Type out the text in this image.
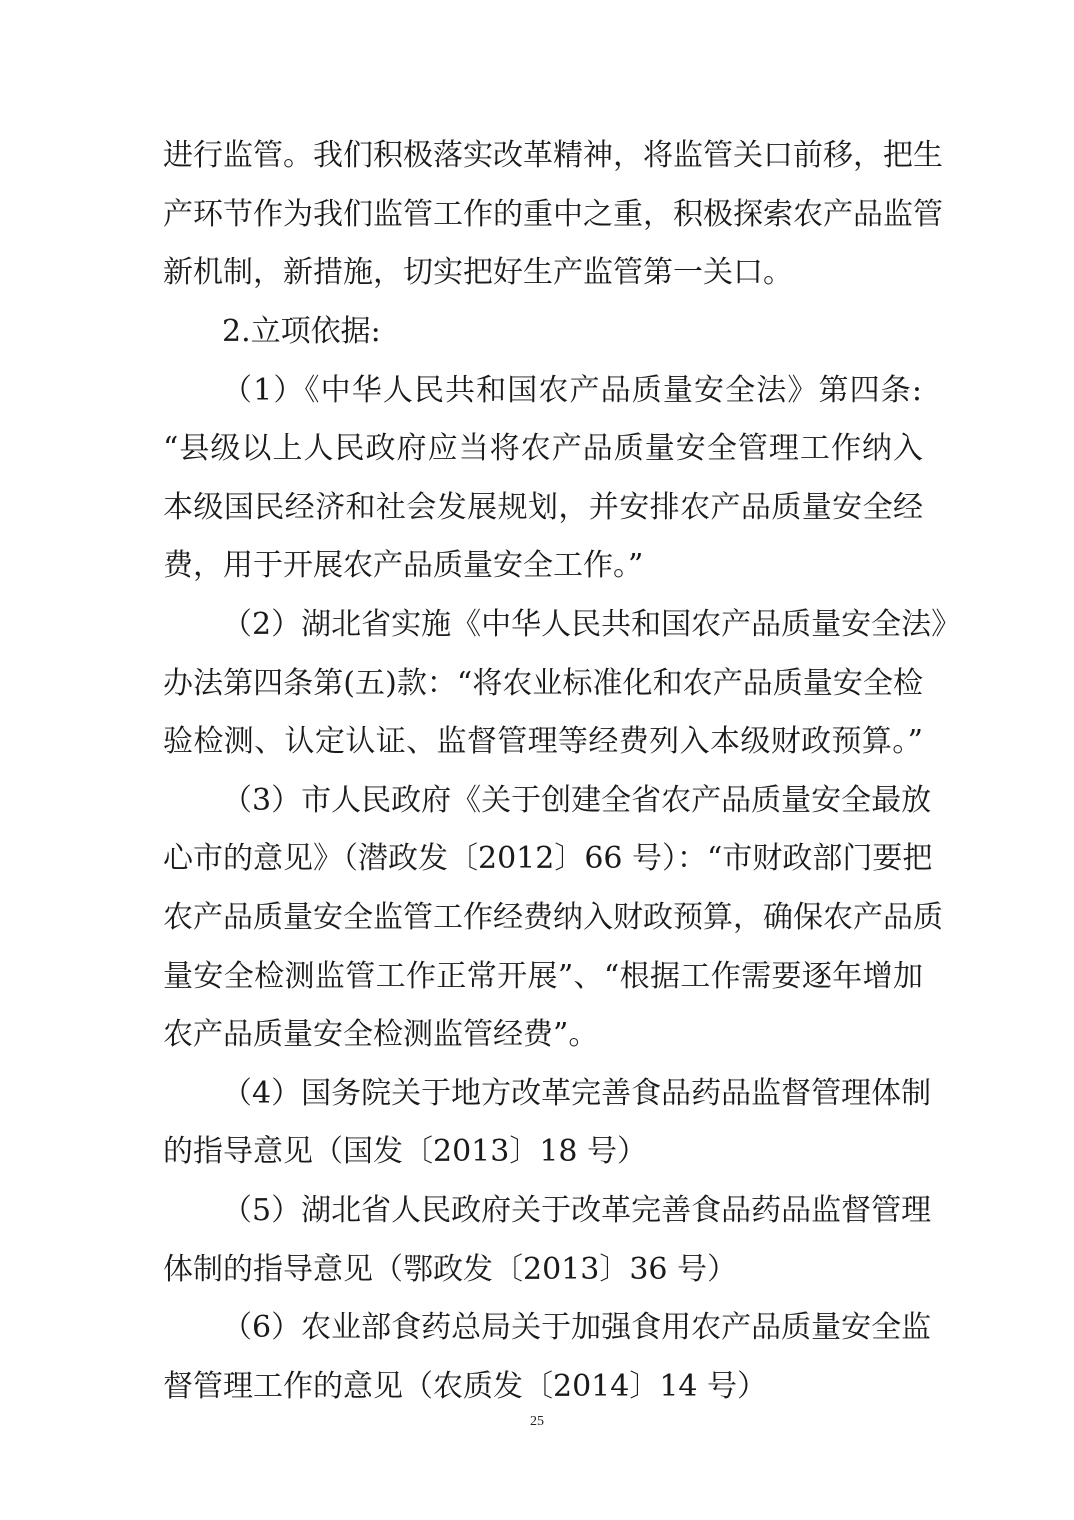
进行监管。我们积极落实改革精神，将监管关口前移，把生
产环节作为我们监管工作的重中之重，积极探索农产品监管
新机制，新措施，切实把好生产监管第一关口。
2.立项依据:
（1）《中华人民共和国农产品质量安全法》第四条:
“县级以上人民政府应当将农产品质量安全管理工作纳入
本级国民经济和社会发展规划，并安排农产品质量安全经
费，用于开展农产品质量安全工作。”
（2）湖北省实施《中华人民共和国农产品质量安全法》
办法第四条第(五)款：“将农业标准化和农产品质量安全检
验检测、认定认证、监督管理等经费列入本级财政预算。”
（3）市人民政府《关于创建全省农产品质量安全最放
心市的意见》（潜政发〔2012〕66 号）：“市财政部门要把
农产品质量安全监管工作经费纳入财政预算，确保农产品质
量安全检测监管工作正常开展”、“根据工作需要逐年增加
农产品质量安全检测监管经费”。
（4）国务院关于地方改革完善食品药品监督管理体制
的指导意见（国发〔2013〕18 号）
（5）湖北省人民政府关于改革完善食品药品监督管理
体制的指导意见（鄂政发〔2013〕36 号）
（6）农业部食药总局关于加强食用农产品质量安全监
督管理工作的意见（农质发〔2014〕14 号）
25
